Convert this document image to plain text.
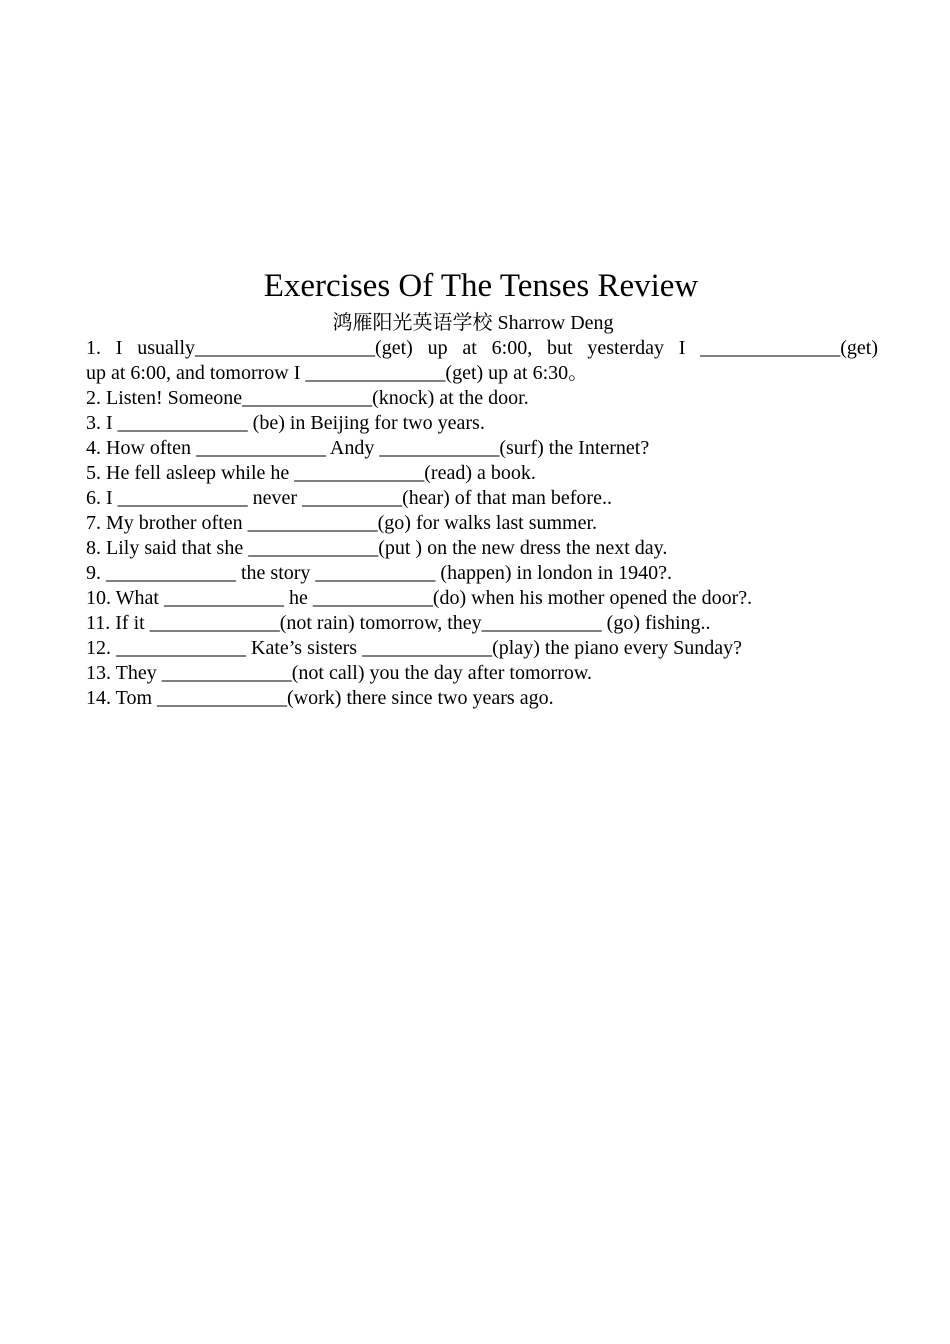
Exercises Of The Tenses Review
鸿雁阳光英语学校 Sharrow Deng
1. I usually__________________(get) up at 6:00, but yesterday I ______________(get)
up at 6:00, and tomorrow I ______________(get) up at 6:30。
2. Listen! Someone_____________(knock) at the door.
3. I _____________ (be) in Beijing for two years.
4. How often _____________ Andy ____________(surf) the Internet?
5. He fell asleep while he _____________(read) a book.
6. I _____________ never __________(hear) of that man before..
7. My brother often _____________(go) for walks last summer.
8. Lily said that she _____________(put ) on the new dress the next day.
9. _____________ the story ____________ (happen) in london in 1940?.
10. What ____________ he ____________(do) when his mother opened the door?.
11. If it _____________(not rain) tomorrow, they____________ (go) fishing..
12. _____________ Kate’s sisters _____________(play) the piano every Sunday?
13. They _____________(not call) you the day after tomorrow.
14. Tom _____________(work) there since two years ago.
